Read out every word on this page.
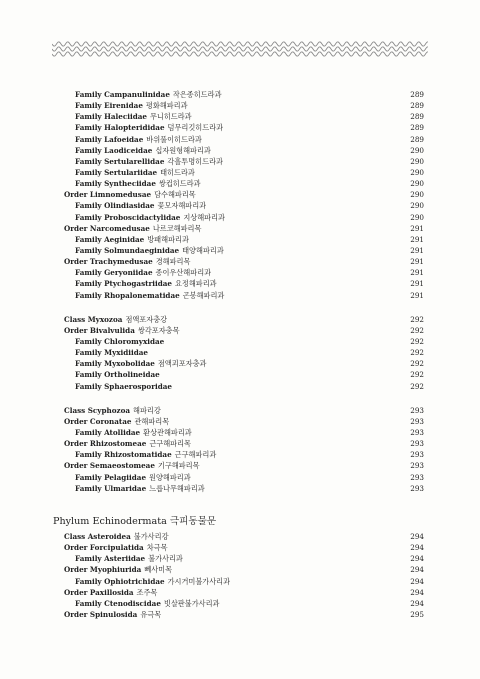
Family Campanulinidae 작은종히드라과	289
Family Eirenidae 평화해파리과	289
Family Haleciidae 무니히드라과	289
Family Halopterididae 덤무리깃히드라과	289
Family Lafoeidae 바위풀이히드라과	289
Family Laodiceidae 십자원형해파리과	290
Family Sertularellidae 각흘투명히드라과	290
Family Sertulariidae 태히드라과	290
Family Syntheciidae 쌍컵히드라과	290
Order Limnomedusae 담수해파리목	290
Family Olindiasidae 꽃모자해파리과	290
Family Proboscidactylidae 지상해파리과	290
Order Narcomedusae 나르코해파리목	291
Family Aeginidae 방패해파리과	291
Family Solmundaeginidae 태양해파리과	291
Order Trachymedusae 경해파리목	291
Family Geryoniidae 종이우산해파리과	291
Family Ptychogastriidae 요정해파리과	291
Family Rhopalonematidae 곤봉해파리과	291
Class Myxozoa 점액포자충강	292
Order Bivalvulida 쌍각포자충목	292
Family Chloromyxidae	292
Family Myxidiidae	292
Family Myxobolidae 점액괴포자충과	292
Family Ortholineidae	292
Family Sphaerosporidae	292
Class Scyphozoa 해파리강	293
Order Coronatae 관해파리목	293
Family Atollidae 환상관해파리과	293
Order Rhizostomeae 근구해파리목	293
Family Rhizostomatidae 근구해파리과	293
Order Semaeostomeae 기구해파리목	293
Family Pelagiidae 원양해파리과	293
Family Ulmaridae 느릅나무해파리과	293
Phylum Echinodermata 극피동물문
Class Asteroidea 불가사리강	294
Order Forcipulatida 차극목	294
Family Asteriidae 불가사리과	294
Order Myophiurida 뻬사미목	294
Family Ophiotrichidae 가시거미불가사리과	294
Order Paxillosida 조주목	294
Family Ctenodiscidae 빗살판불가사리과	294
Order Spinulosida 유극목	295
